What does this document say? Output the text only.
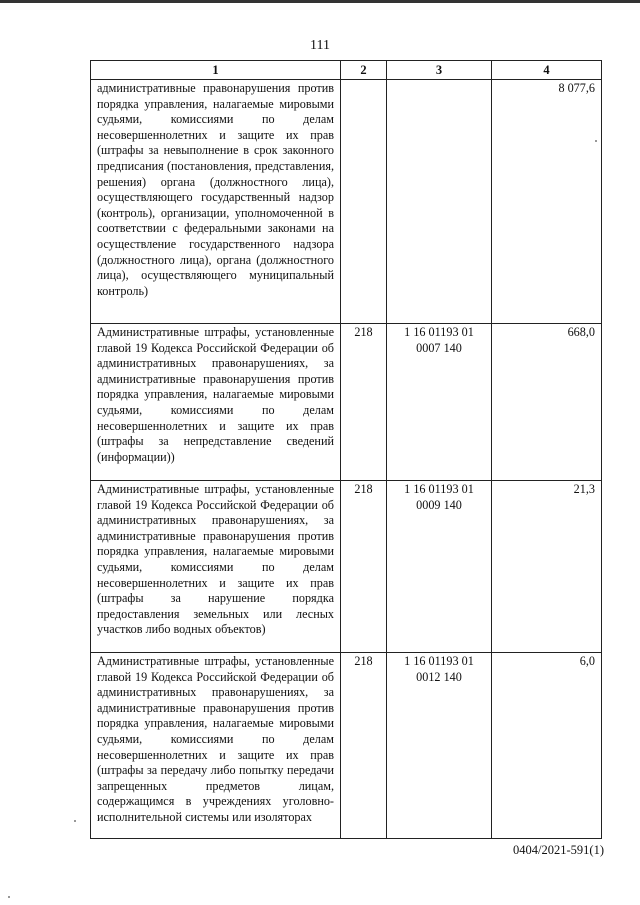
111
1	2	3	4
административные правонарушения против порядка управления, налагаемые мировыми судьями, комиссиями по делам несовершеннолетних и защите их прав (штрафы за невыполнение в срок законного предписания (постановления, представления, решения) органа (должностного лица), осуществляющего государственный надзор (контроль), организации, уполномоченной в соответствии с федеральными законами на осуществление государственного надзора (должностного лица), органа (должностного лица), осуществляющего муниципальный контроль)			8 077,6
Административные штрафы, установленные главой 19 Кодекса Российской Федерации об административных правонарушениях, за административные правонарушения против порядка управления, налагаемые мировыми судьями, комиссиями по делам несовершеннолетних и защите их прав (штрафы за непредставление сведений (информации))	218	1 16 01193 01 0007 140	668,0
Административные штрафы, установленные главой 19 Кодекса Российской Федерации об административных правонарушениях, за административные правонарушения против порядка управления, налагаемые мировыми судьями, комиссиями по делам несовершеннолетних и защите их прав (штрафы за нарушение порядка предоставления земельных или лесных участков либо водных объектов)	218	1 16 01193 01 0009 140	21,3
Административные штрафы, установленные главой 19 Кодекса Российской Федерации об административных правонарушениях, за административные правонарушения против порядка управления, налагаемые мировыми судьями, комиссиями по делам несовершеннолетних и защите их прав (штрафы за передачу либо попытку передачи запрещенных предметов лицам, содержащимся в учреждениях уголовно-исполнительной системы или изоляторах	218	1 16 01193 01 0012 140	6,0
0404/2021-591(1)
